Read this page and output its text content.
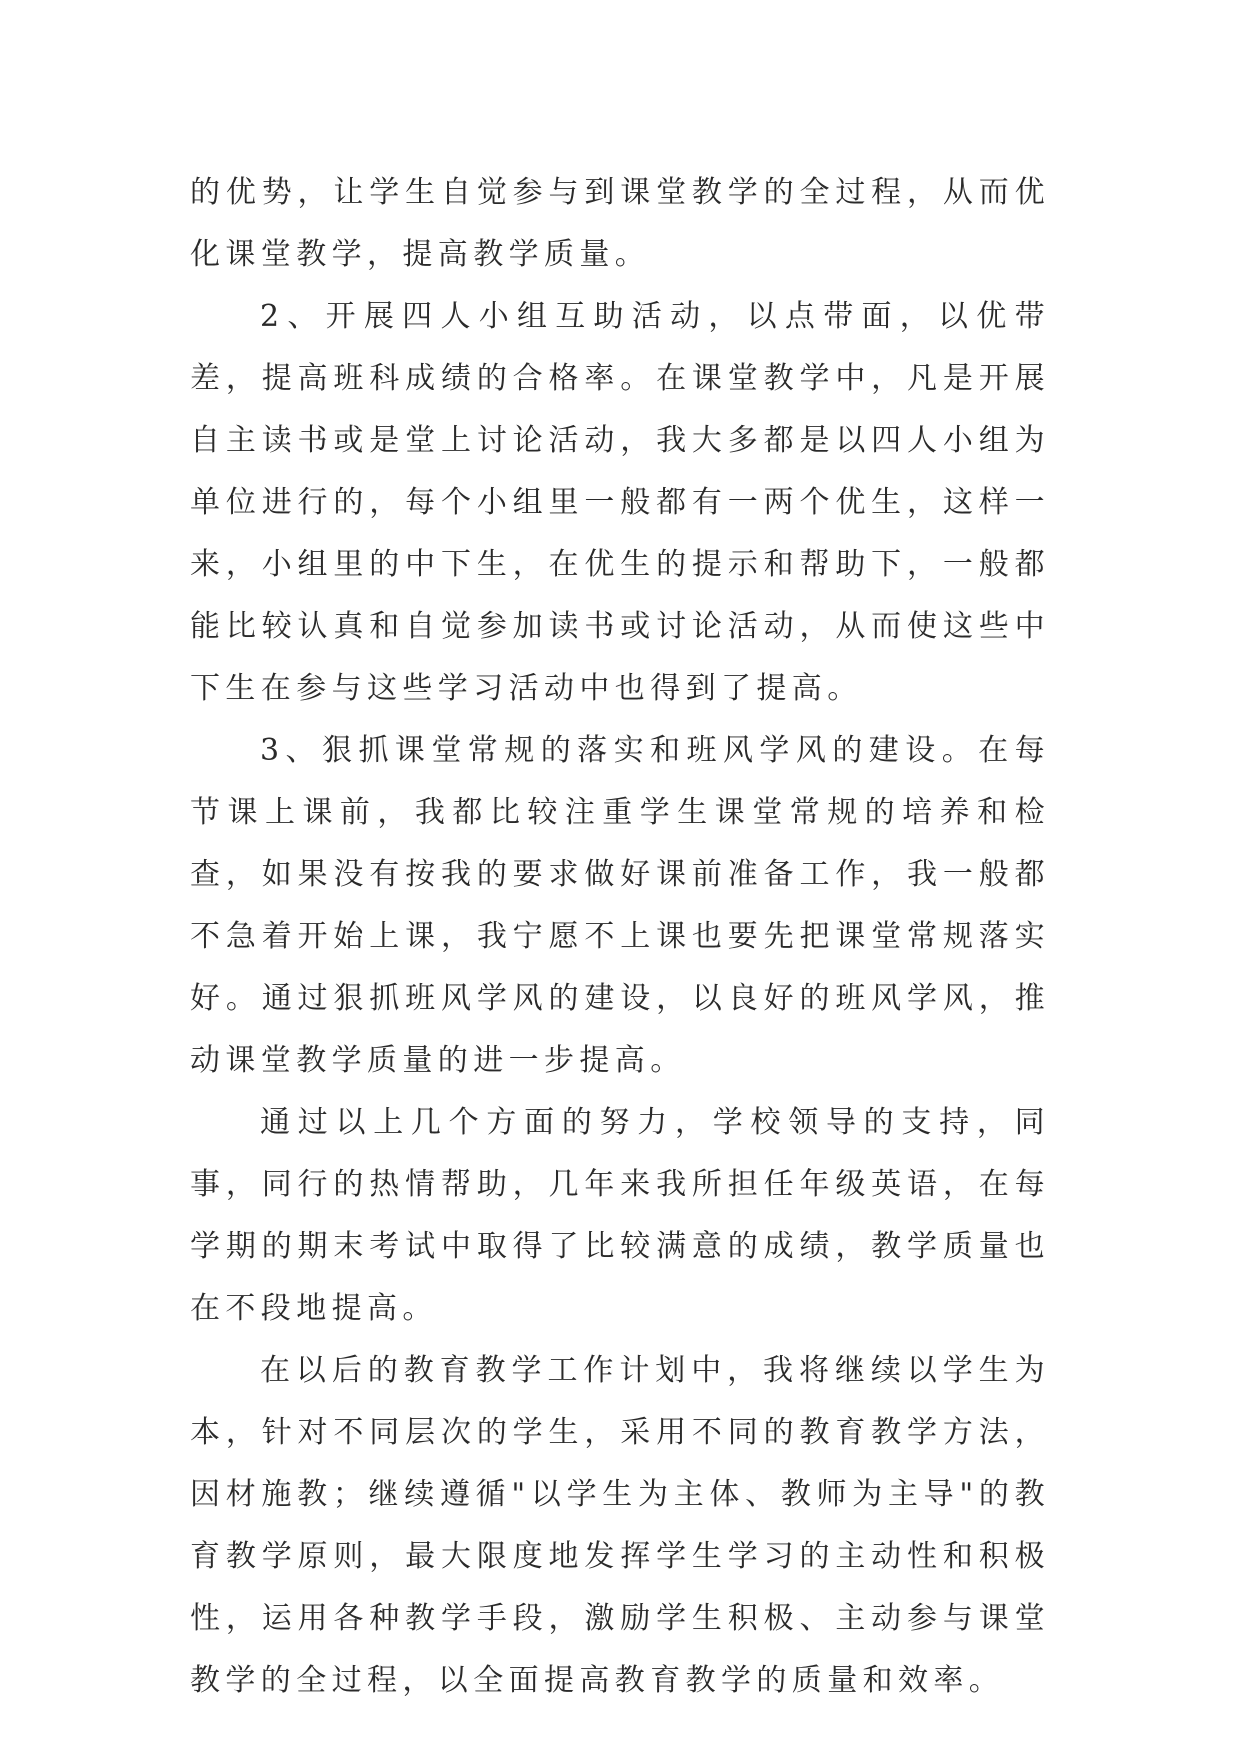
的优势，让学生自觉参与到课堂教学的全过程，从而优化课堂教学，提高教学质量。

2、开展四人小组互助活动，以点带面，以优带差，提高班科成绩的合格率。在课堂教学中，凡是开展自主读书或是堂上讨论活动，我大多都是以四人小组为单位进行的，每个小组里一般都有一两个优生，这样一来，小组里的中下生，在优生的提示和帮助下，一般都能比较认真和自觉参加读书或讨论活动，从而使这些中下生在参与这些学习活动中也得到了提高。

3、狠抓课堂常规的落实和班风学风的建设。在每节课上课前，我都比较注重学生课堂常规的培养和检查，如果没有按我的要求做好课前准备工作，我一般都不急着开始上课，我宁愿不上课也要先把课堂常规落实好。通过狠抓班风学风的建设，以良好的班风学风，推动课堂教学质量的进一步提高。

通过以上几个方面的努力，学校领导的支持，同事，同行的热情帮助，几年来我所担任年级英语，在每学期的期末考试中取得了比较满意的成绩，教学质量也在不段地提高。

在以后的教育教学工作计划中，我将继续以学生为本，针对不同层次的学生，采用不同的教育教学方法，因材施教；继续遵循"以学生为主体、教师为主导"的教育教学原则，最大限度地发挥学生学习的主动性和积极性，运用各种教学手段，激励学生积极、主动参与课堂教学的全过程，以全面提高教育教学的质量和效率。
